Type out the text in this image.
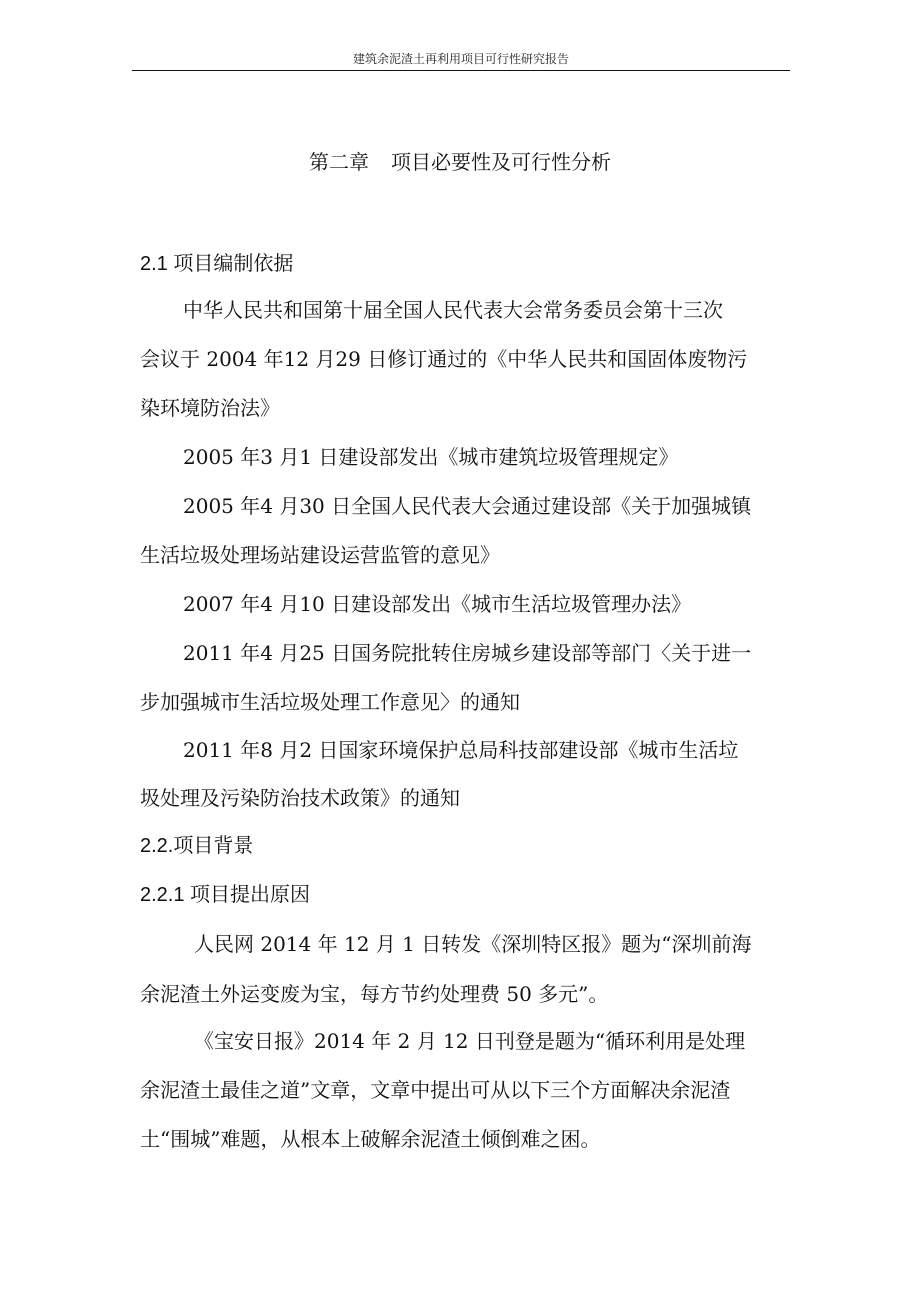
建筑余泥渣土再利用项目可行性研究报告
第二章 项目必要性及可行性分析
2.1 项目编制依据
中华人民共和国第十届全国人民代表大会常务委员会第十三次
会议于 2004 年12 月29 日修订通过的《中华人民共和国固体废物污
染环境防治法》
2005 年3 月1 日建设部发出《城市建筑垃圾管理规定》
2005 年4 月30 日全国人民代表大会通过建设部《关于加强城镇
生活垃圾处理场站建设运营监管的意见》
2007 年4 月10 日建设部发出《城市生活垃圾管理办法》
2011 年4 月25 日国务院批转住房城乡建设部等部门〈关于进一
步加强城市生活垃圾处理工作意见〉的通知
2011 年8 月2 日国家环境保护总局科技部建设部《城市生活垃
圾处理及污染防治技术政策》的通知
2.2.项目背景
2.2.1 项目提出原因
人民网 2014 年 12 月 1 日转发《深圳特区报》题为“深圳前海
余泥渣土外运变废为宝，每方节约处理费 50 多元”。
《宝安日报》2014 年 2 月 12 日刊登是题为“循环利用是处理
余泥渣土最佳之道”文章，文章中提出可从以下三个方面解决余泥渣
土“围城”难题，从根本上破解余泥渣土倾倒难之困。
